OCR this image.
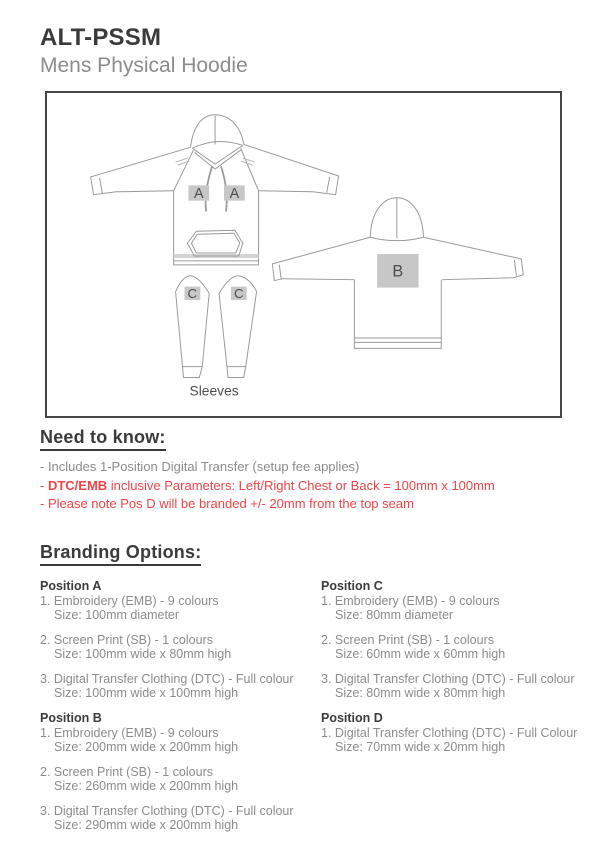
ALT-PSSM
Mens Physical Hoodie
A A
C	C
Sleeves
B
Need to know:
- Includes 1-Position Digital Transfer (setup fee applies)
- DTC/EMB inclusive Parameters: Left/Right Chest or Back = 100mm x 100mm
- Please note Pos D will be branded +/- 20mm from the top seam
Branding Options:
Position A
1. Embroidery (EMB) - 9 colours
Size: 100mm diameter
2. Screen Print (SB) - 1 colours
Size: 100mm wide x 80mm high
3. Digital Transfer Clothing (DTC) - Full colour
Size: 100mm wide x 100mm high
Position B
1. Embroidery (EMB) - 9 colours
Size: 200mm wide x 200mm high
2. Screen Print (SB) - 1 colours
Size: 260mm wide x 200mm high
3. Digital Transfer Clothing (DTC) - Full colour
Size: 290mm wide x 200mm high
Position C
1. Embroidery (EMB) - 9 colours
Size: 80mm diameter
2. Screen Print (SB) - 1 colours
Size: 60mm wide x 60mm high
3. Digital Transfer Clothing (DTC) - Full colour
Size: 80mm wide x 80mm high
Position D
1. Digital Transfer Clothing (DTC) - Full Colour
Size: 70mm wide x 20mm high
